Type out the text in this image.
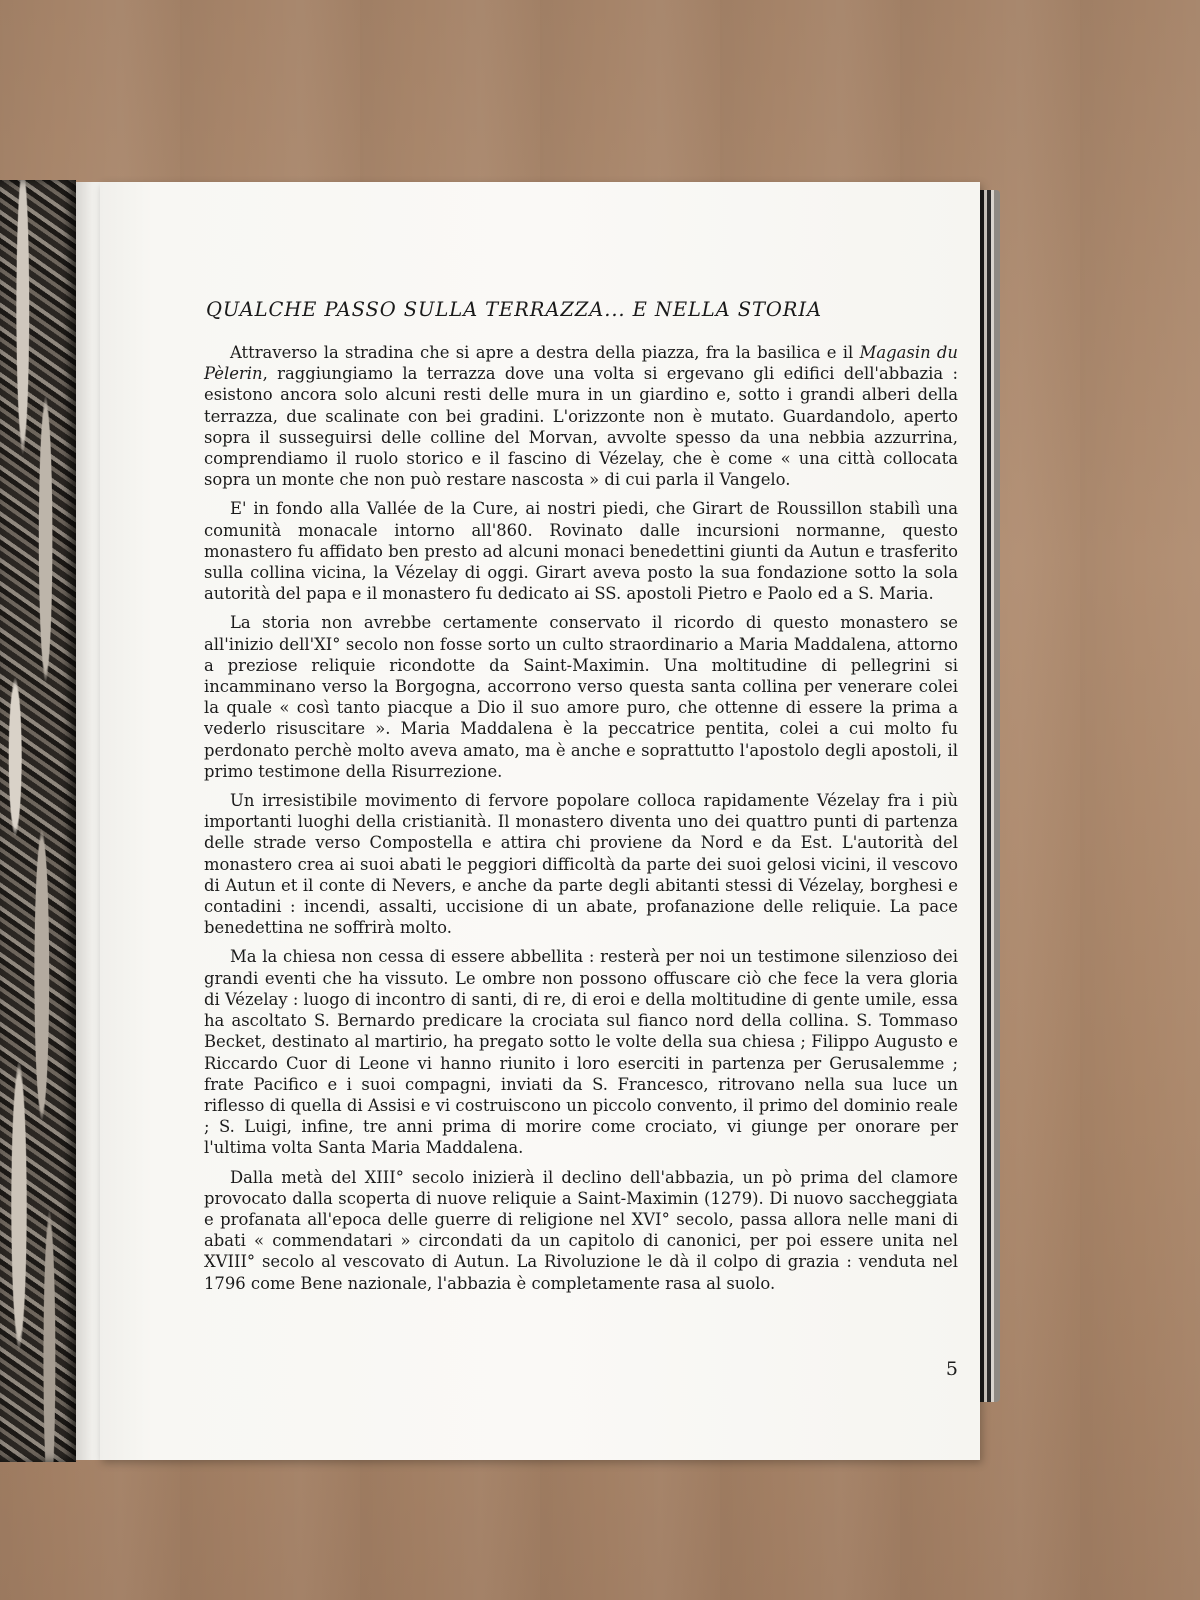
QUALCHE PASSO SULLA TERRAZZA... E NELLA STORIA

Attraverso la stradina che si apre a destra della piazza, fra la basilica e il Magasin du Pèlerin, raggiungiamo la terrazza dove una volta si ergevano gli edifici dell'abbazia : esistono ancora solo alcuni resti delle mura in un giardino e, sotto i grandi alberi della terrazza, due scalinate con bei gradini. L'orizzonte non è mutato. Guardandolo, aperto sopra il susseguirsi delle colline del Morvan, avvolte spesso da una nebbia azzurrina, comprendiamo il ruolo storico e il fascino di Vézelay, che è come « una città collocata sopra un monte che non può restare nascosta » di cui parla il Vangelo.

E' in fondo alla Vallée de la Cure, ai nostri piedi, che Girart de Roussillon stabilì una comunità monacale intorno all'860. Rovinato dalle incursioni normanne, questo monastero fu affidato ben presto ad alcuni monaci benedettini giunti da Autun e trasferito sulla collina vicina, la Vézelay di oggi. Girart aveva posto la sua fondazione sotto la sola autorità del papa e il monastero fu dedicato ai SS. apostoli Pietro e Paolo ed a S. Maria.

La storia non avrebbe certamente conservato il ricordo di questo monastero se all'inizio dell'XI° secolo non fosse sorto un culto straordinario a Maria Maddalena, attorno a preziose reliquie ricondotte da Saint-Maximin. Una moltitudine di pellegrini si incamminano verso la Borgogna, accorrono verso questa santa collina per venerare colei la quale « così tanto piacque a Dio il suo amore puro, che ottenne di essere la prima a vederlo risuscitare ». Maria Maddalena è la peccatrice pentita, colei a cui molto fu perdonato perchè molto aveva amato, ma è anche e soprattutto l'apostolo degli apostoli, il primo testimone della Risurrezione.

Un irresistibile movimento di fervore popolare colloca rapidamente Vézelay fra i più importanti luoghi della cristianità. Il monastero diventa uno dei quattro punti di partenza delle strade verso Compostella e attira chi proviene da Nord e da Est. L'autorità del monastero crea ai suoi abati le peggiori difficoltà da parte dei suoi gelosi vicini, il vescovo di Autun et il conte di Nevers, e anche da parte degli abitanti stessi di Vézelay, borghesi e contadini : incendi, assalti, uccisione di un abate, profanazione delle reliquie. La pace benedettina ne soffrirà molto.

Ma la chiesa non cessa di essere abbellita : resterà per noi un testimone silenzioso dei grandi eventi che ha vissuto. Le ombre non possono offuscare ciò che fece la vera gloria di Vézelay : luogo di incontro di santi, di re, di eroi e della moltitudine di gente umile, essa ha ascoltato S. Bernardo predicare la crociata sul fianco nord della collina. S. Tommaso Becket, destinato al martirio, ha pregato sotto le volte della sua chiesa ; Filippo Augusto e Riccardo Cuor di Leone vi hanno riunito i loro eserciti in partenza per Gerusalemme ; frate Pacifico e i suoi compagni, inviati da S. Francesco, ritrovano nella sua luce un riflesso di quella di Assisi e vi costruiscono un piccolo convento, il primo del dominio reale ; S. Luigi, infine, tre anni prima di morire come crociato, vi giunge per onorare per l'ultima volta Santa Maria Maddalena.

Dalla metà del XIII° secolo inizierà il declino dell'abbazia, un pò prima del clamore provocato dalla scoperta di nuove reliquie a Saint-Maximin (1279). Di nuovo saccheggiata e profanata all'epoca delle guerre di religione nel XVI° secolo, passa allora nelle mani di abati « commendatari » circondati da un capitolo di canonici, per poi essere unita nel XVIII° secolo al vescovato di Autun. La Rivoluzione le dà il colpo di grazia : venduta nel 1796 come Bene nazionale, l'abbazia è completamente rasa al suolo.

5
